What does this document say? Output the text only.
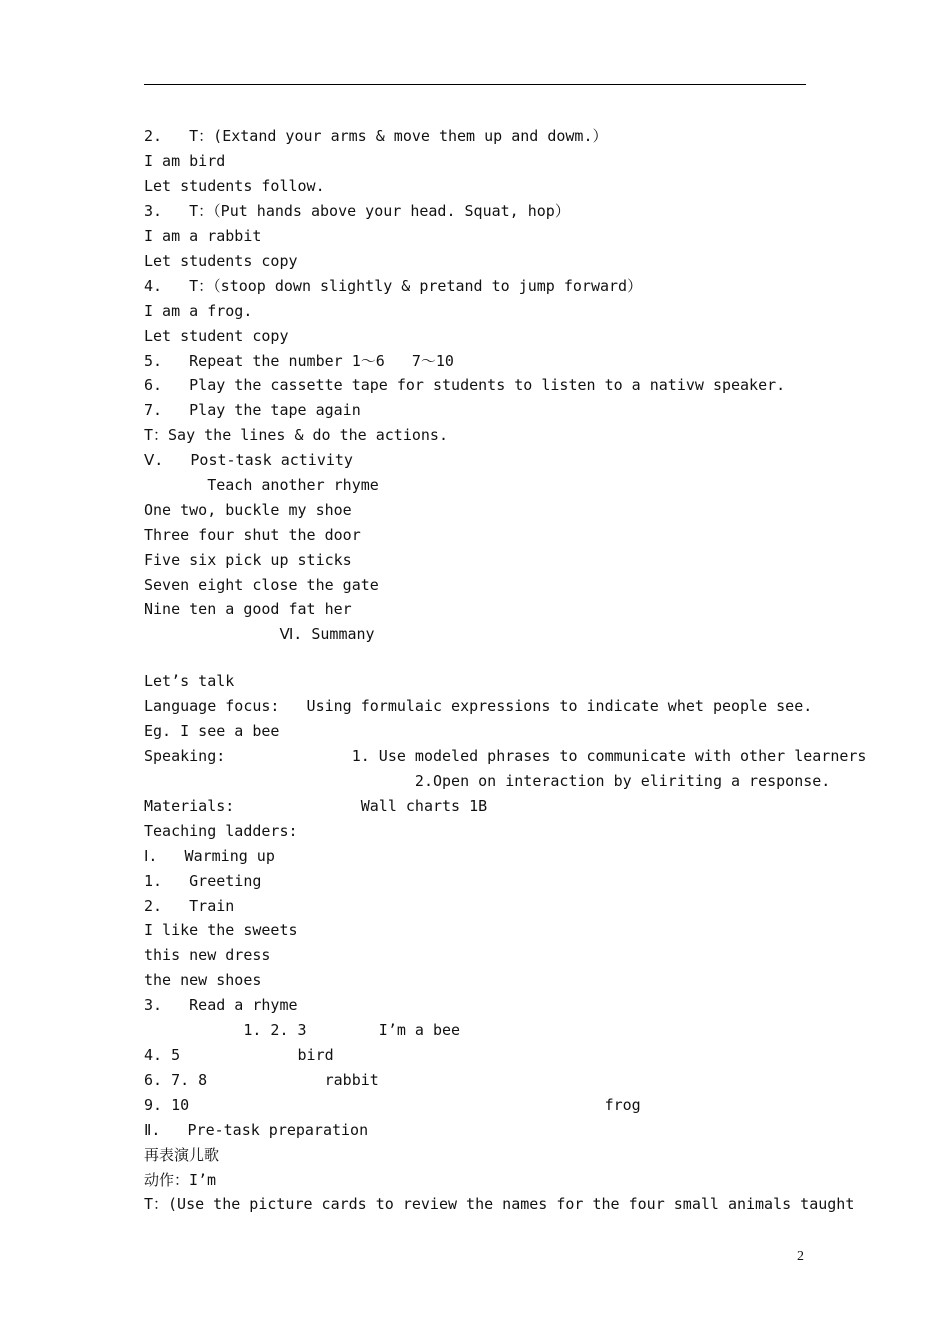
2.   T：(Extand your arms & move them up and dowm.）
I am bird
Let students follow.
3.   T：（Put hands above your head. Squat, hop）
I am a rabbit
Let students copy
4.   T：（stoop down slightly & pretand to jump forward）
I am a frog.
Let student copy
5.   Repeat the number 1～6   7～10
6.   Play the cassette tape for students to listen to a nativw speaker.
7.   Play the tape again
T：Say the lines & do the actions.
Ⅴ.   Post-task activity
Teach another rhyme
One two, buckle my shoe
Three four shut the door
Five six pick up sticks
Seven eight close the gate
Nine ten a good fat her
Ⅵ. Summany
Let’s talk
Language focus:   Using formulaic expressions to indicate whet people see.
Eg. I see a bee
Speaking:              1. Use modeled phrases to communicate with other learners
2.Open on interaction by eliriting a response.
Materials:              Wall charts 1B
Teaching ladders:
Ⅰ.   Warming up
1.   Greeting
2.   Train
I like the sweets
this new dress
the new shoes
3.   Read a rhyme
1. 2. 3        I’m a bee
4. 5             bird
6. 7. 8             rabbit
9. 10                                              frog
Ⅱ.   Pre-task preparation
再表演儿歌
动作：I’m
T：(Use the picture cards to review the names for the four small animals taught
2
